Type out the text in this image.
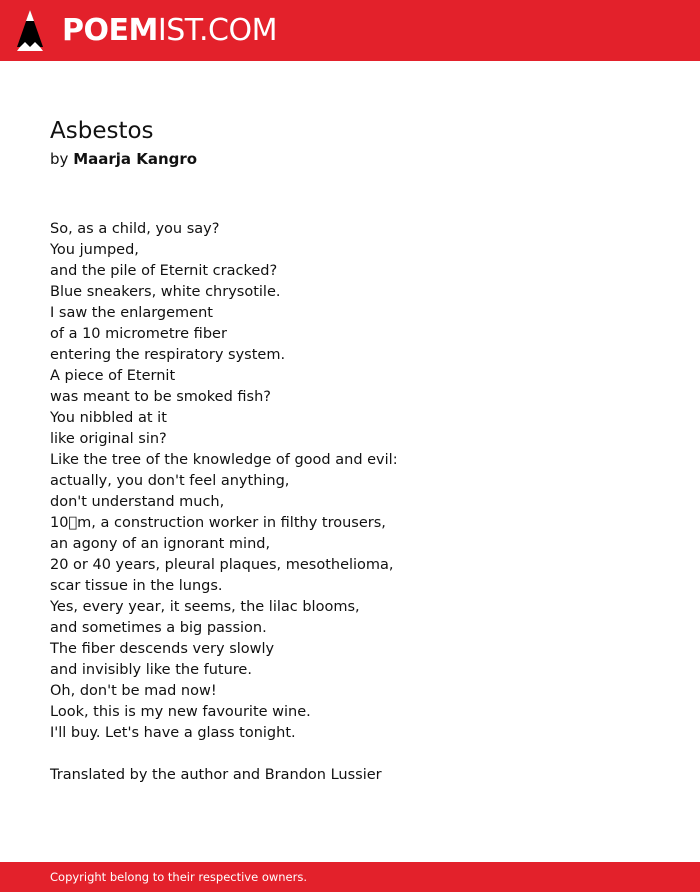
POEMIST.COM
Asbestos
by Maarja Kangro
So, as a child, you say?
You jumped,
and the pile of Eternit cracked?
Blue sneakers, white chrysotile.
I saw the enlargement
of a 10 micrometre fiber
entering the respiratory system.
A piece of Eternit
was meant to be smoked fish?
You nibbled at it
like original sin?
Like the tree of the knowledge of good and evil:
actually, you don't feel anything,
don't understand much,
10 m, a construction worker in filthy trousers,
an agony of an ignorant mind,
20 or 40 years, pleural plaques, mesothelioma,
scar tissue in the lungs.
Yes, every year, it seems, the lilac blooms,
and sometimes a big passion.
The fiber descends very slowly
and invisibly like the future.
Oh, don't be mad now!
Look, this is my new favourite wine.
I'll buy. Let's have a glass tonight.
Translated by the author and Brandon Lussier
Copyright belong to their respective owners.
